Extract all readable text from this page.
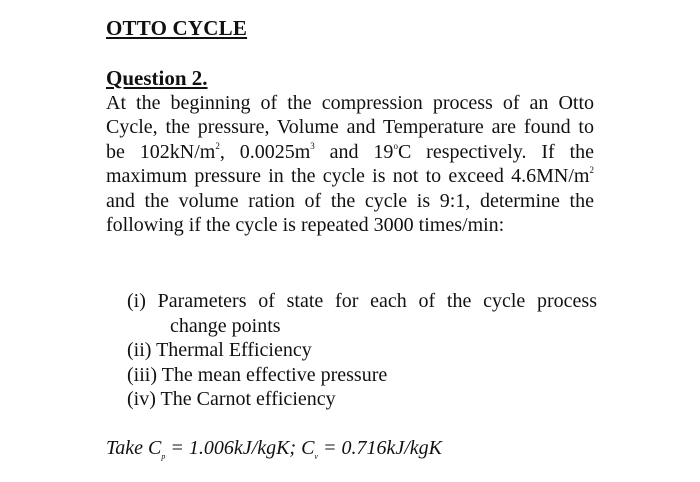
OTTO CYCLE
Question 2.

At the beginning of the compression process of an Otto Cycle, the pressure, Volume and Temperature are found to be $102kN/m^2$, $0.0025m^3$ and 19$^o$C respectively. If the maximum pressure in the cycle is not to exceed $4.6MN/m^2$ and the volume ration of the cycle is 9:1, determine the following if the cycle is repeated 3000 times/min:

(i) Parameters of state for each of the cycle process
change points
(ii) Thermal Efficiency
(iii) The mean effective pressure
(iv) The Carnot efficiency

Take $C_p = 1.006kJ/kgK$; $C_v = 0.716kJ/kgK$
